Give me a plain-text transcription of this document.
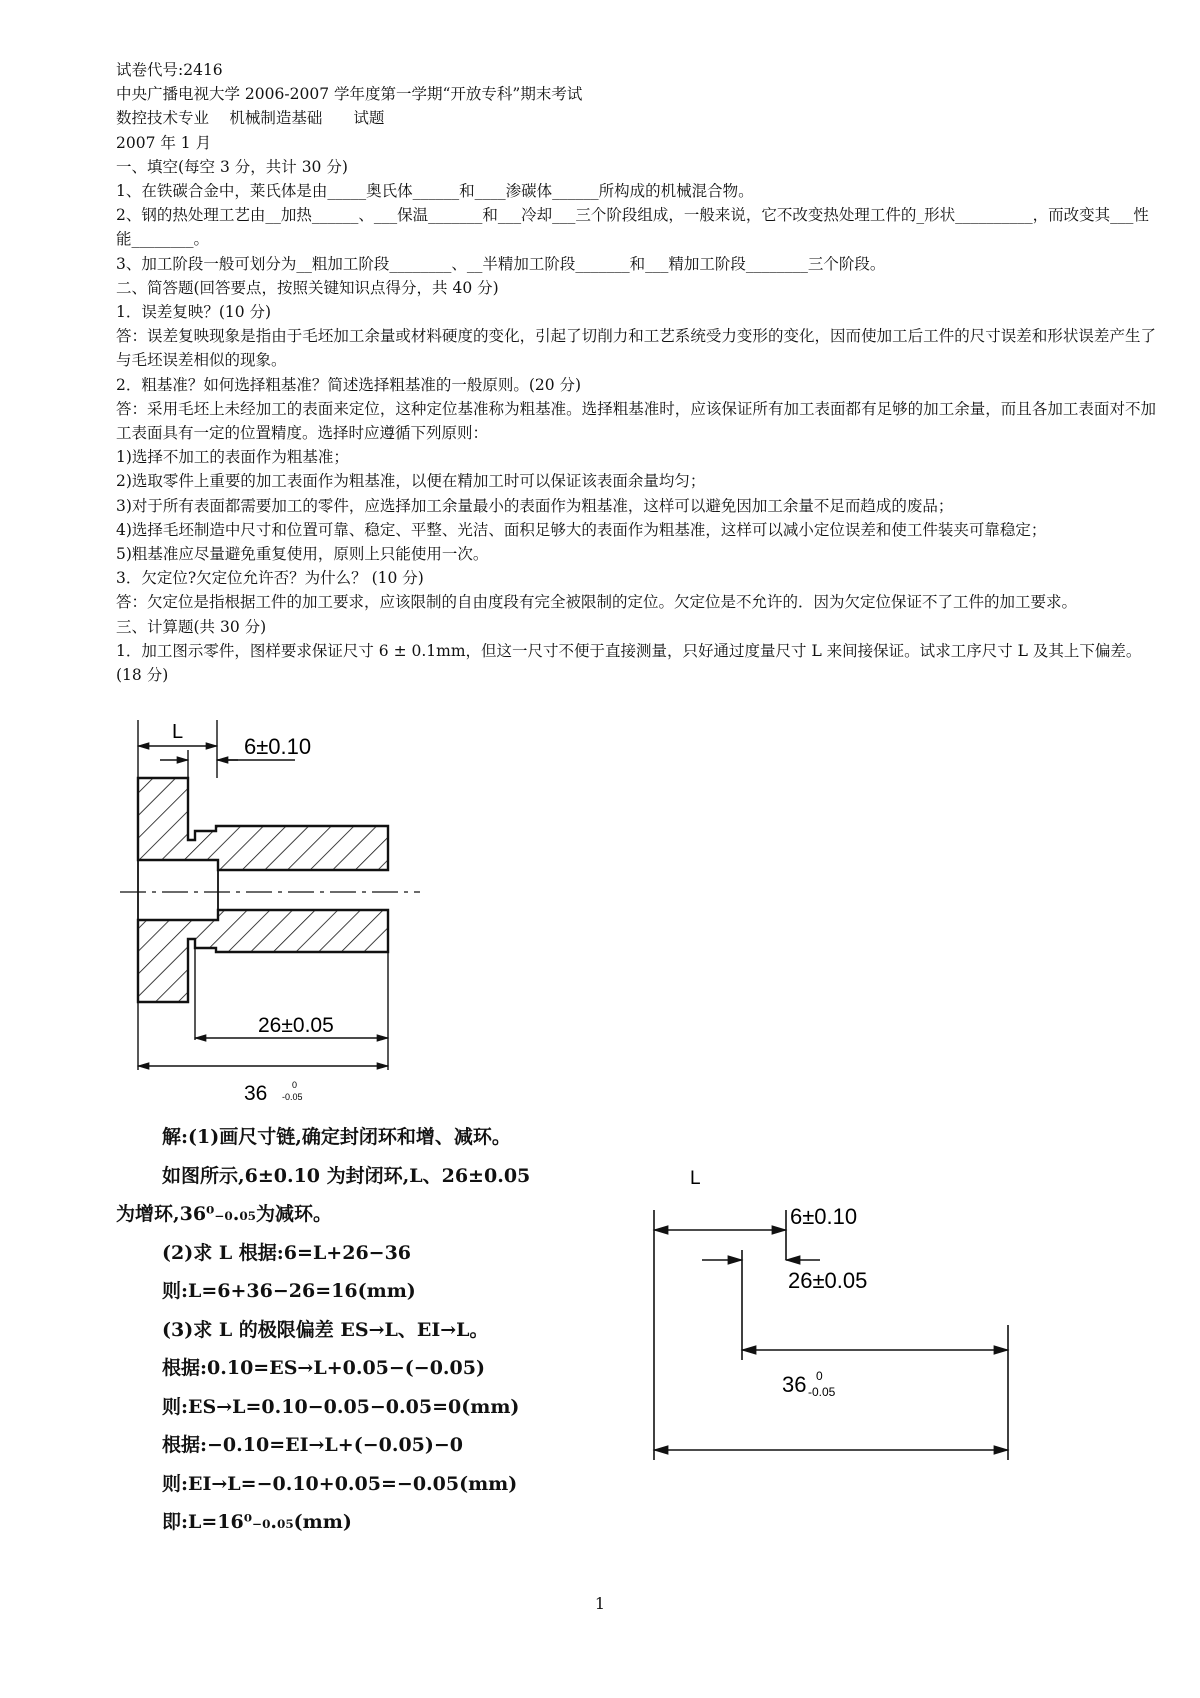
试卷代号:2416

中央广播电视大学 2006-2007 学年度第一学期“开放专科”期末考试

数控技术专业　 机械制造基础　　试题

2007 年 1 月

一、填空(每空 3 分，共计 30 分)

1、在铁碳合金中，莱氏体是由_____奥氏体______和____渗碳体______所构成的机械混合物。

2、钢的热处理工艺由__加热______、___保温_______和___冷却___三个阶段组成，一般来说，它不改变热处理工件的_形状__________，而改变其___性能________。

3、加工阶段一般可划分为__粗加工阶段________、__半精加工阶段_______和___精加工阶段________三个阶段。

二、简答题(回答要点，按照关键知识点得分，共 40 分)

1．误差复映？(10 分)

答：误差复映现象是指由于毛坯加工余量或材料硬度的变化，引起了切削力和工艺系统受力变形的变化，因而使加工后工件的尺寸误差和形状误差产生了与毛坯误差相似的现象。

2．粗基准？如何选择粗基准？简述选择粗基准的一般原则。(20 分)

答：采用毛坯上未经加工的表面来定位，这种定位基准称为粗基准。选择粗基准时，应该保证所有加工表面都有足够的加工余量，而且各加工表面对不加工表面具有一定的位置精度。选择时应遵循下列原则：

1)选择不加工的表面作为粗基准；

2)选取零件上重要的加工表面作为粗基准，以便在精加工时可以保证该表面余量均匀；

3)对于所有表面都需要加工的零件，应选择加工余量最小的表面作为粗基准，这样可以避免因加工余量不足而趋成的废品；

4)选择毛坯制造中尺寸和位置可靠、稳定、平整、光洁、面积足够大的表面作为粗基准，这样可以减小定位误差和使工件装夹可靠稳定；

5)粗基准应尽量避免重复使用，原则上只能使用一次。

3．欠定位?欠定位允许否？为什么？ (10 分)

答：欠定位是指根据工件的加工要求，应该限制的自由度段有完全被限制的定位。欠定位是不允许的．因为欠定位保证不了工件的加工要求。

三、计算题(共 30 分)

1．加工图示零件，图样要求保证尺寸 6 ± 0.1mm，但这一尺寸不便于直接测量，只好通过度量尺寸 L 来间接保证。试求工序尺寸 L 及其上下偏差。(18 分)

L
6±0.10
26±0.05
36	0
-0.05

解:(1)画尺寸链,确定封闭环和增、减环。

如图所示,6±0.10 为封闭环,L、26±0.05

为增环,36⁰₋₀.₀₅为减环。

(2)求 L 根据:6=L+26−36

则:L=6+36−26=16(mm)

(3)求 L 的极限偏差 ES→L、EI→L。

根据:0.10=ES→L+0.05−(−0.05)

则:ES→L=0.10−0.05−0.05=0(mm)

根据:−0.10=EI→L+(−0.05)−0

则:EI→L=−0.10+0.05=−0.05(mm)

即:L=16⁰₋₀.₀₅(mm)

L
6±0.10
26±0.05
36 0
-0.05
1
